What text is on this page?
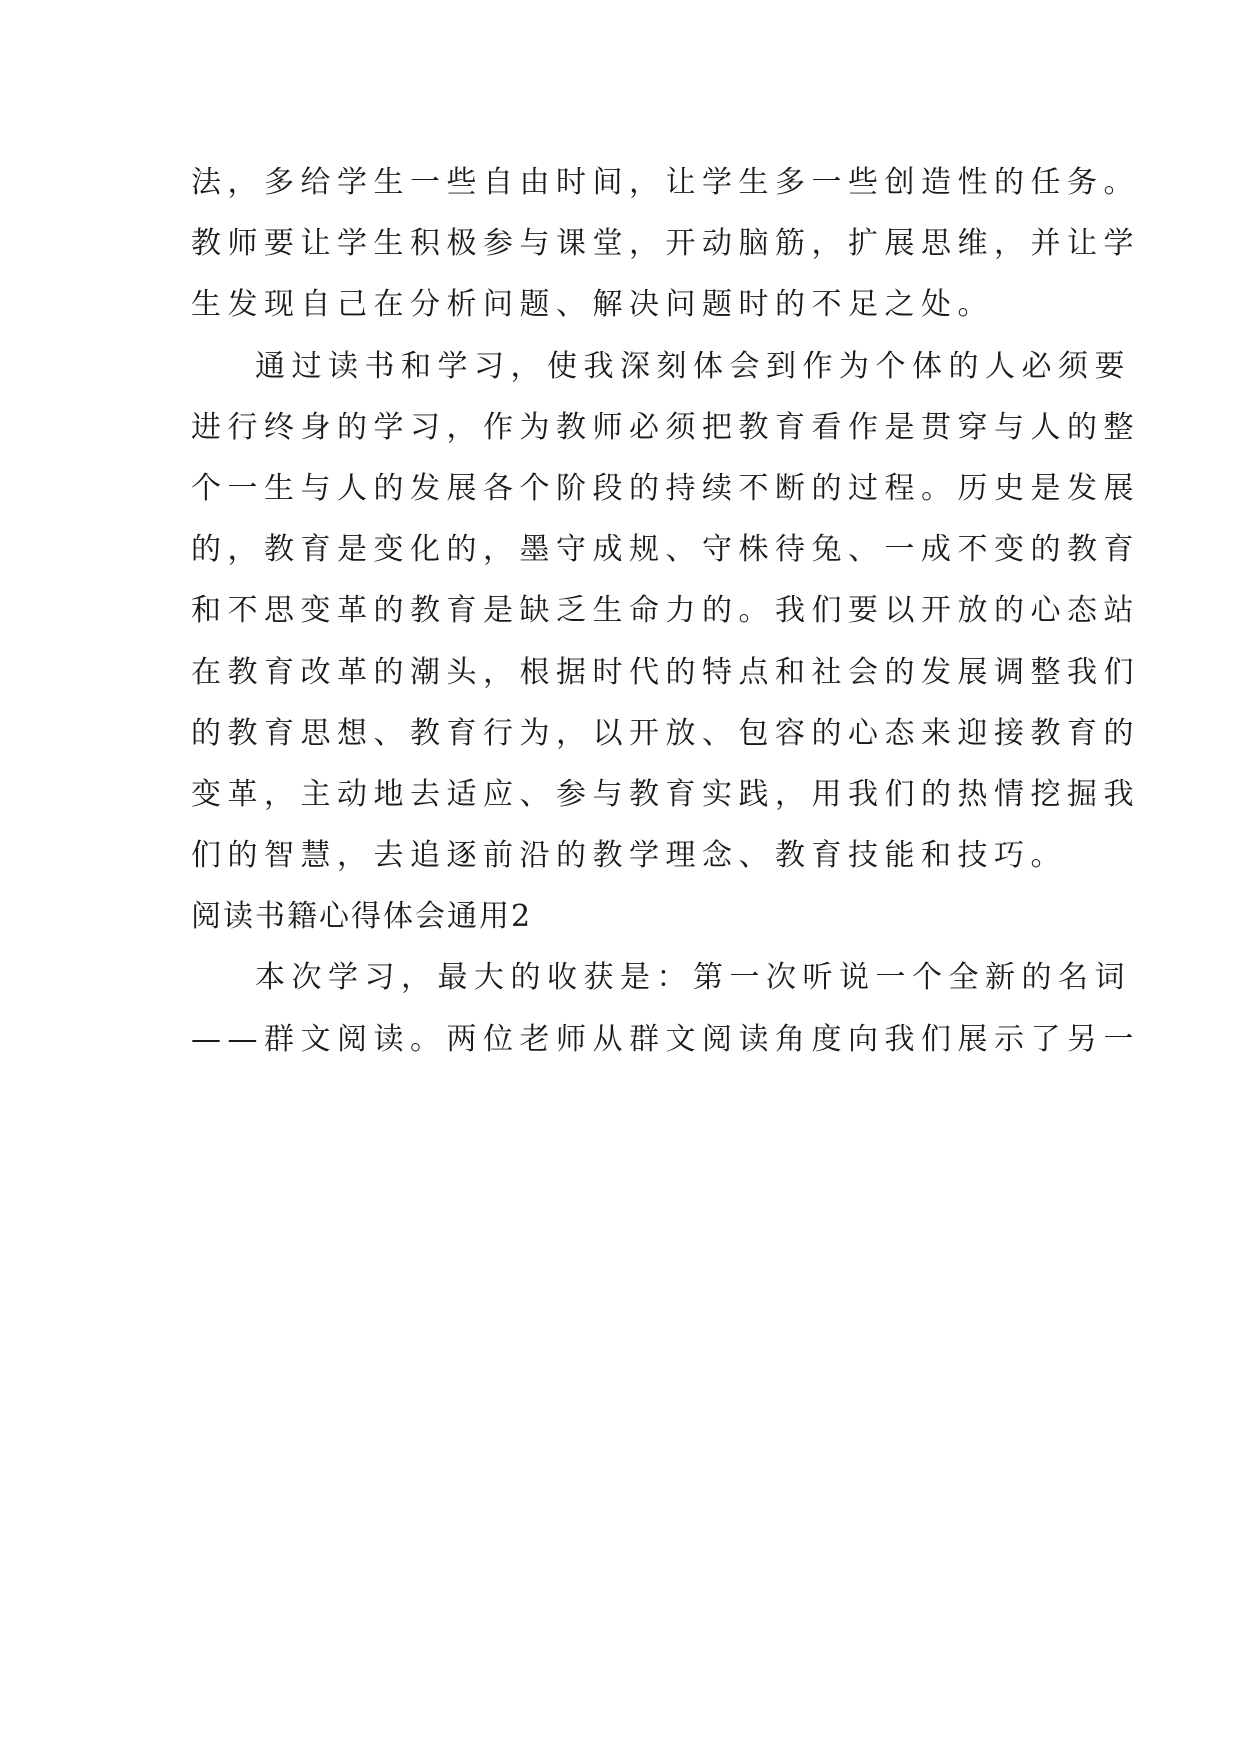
法，多给学生一些自由时间，让学生多一些创造性的任务。
教师要让学生积极参与课堂，开动脑筋，扩展思维，并让学
生发现自己在分析问题、解决问题时的不足之处。
通过读书和学习，使我深刻体会到作为个体的人必须要
进行终身的学习，作为教师必须把教育看作是贯穿与人的整
个一生与人的发展各个阶段的持续不断的过程。历史是发展
的，教育是变化的，墨守成规、守株待兔、一成不变的教育
和不思变革的教育是缺乏生命力的。我们要以开放的心态站
在教育改革的潮头，根据时代的特点和社会的发展调整我们
的教育思想、教育行为，以开放、包容的心态来迎接教育的
变革，主动地去适应、参与教育实践，用我们的热情挖掘我
们的智慧，去追逐前沿的教学理念、教育技能和技巧。
阅读书籍心得体会通用2
本次学习，最大的收获是：第一次听说一个全新的名词
——群文阅读。两位老师从群文阅读角度向我们展示了另一
